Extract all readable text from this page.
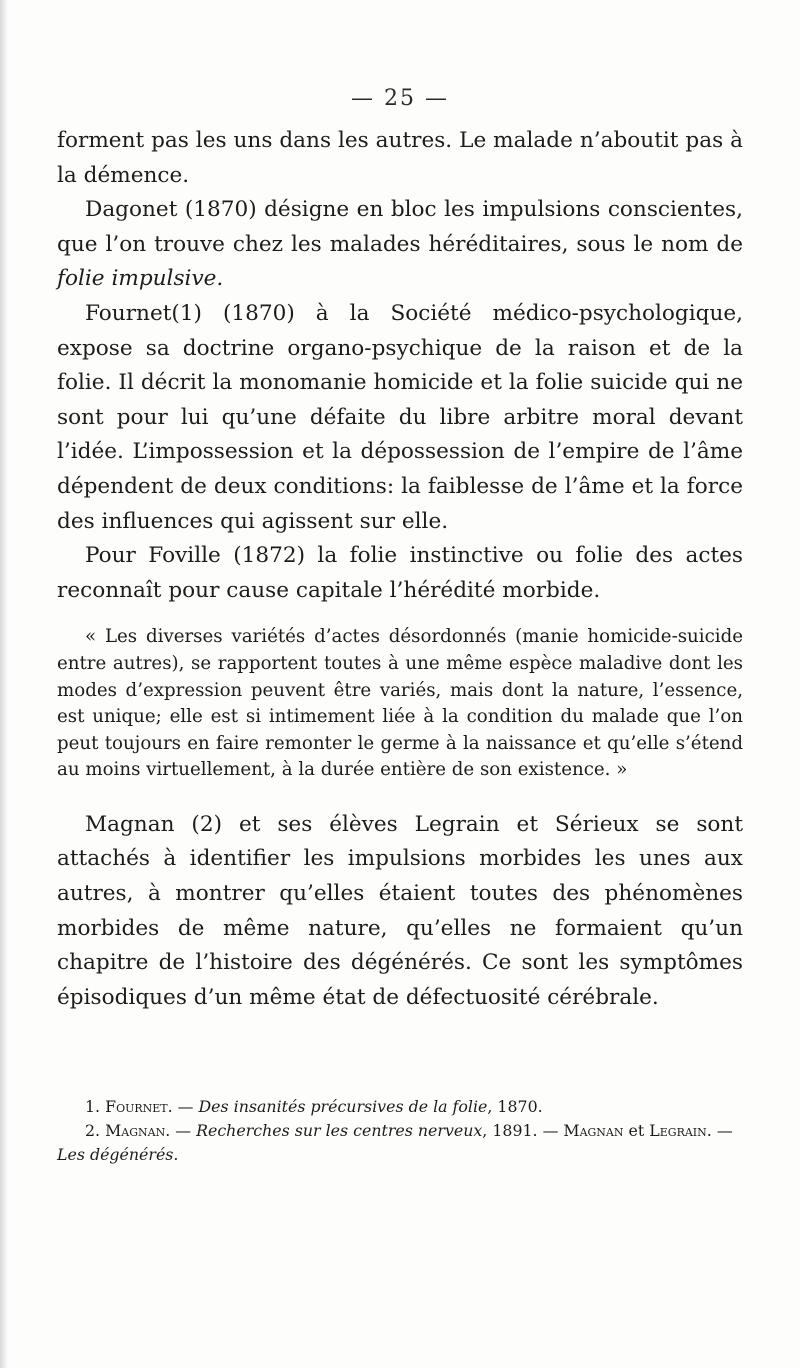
— 25 —

forment pas les uns dans les autres. Le malade n’aboutit pas à la démence.

Dagonet (1870) désigne en bloc les impulsions conscientes, que l’on trouve chez les malades héréditaires, sous le nom de folie impulsive.

Fournet(1) (1870) à la Société médico-psychologique, expose sa doctrine organo-psychique de la raison et de la folie. Il décrit la monomanie homicide et la folie suicide qui ne sont pour lui qu’une défaite du libre arbitre moral devant l’idée. L’impossession et la dépossession de l’empire de l’âme dépendent de deux conditions: la faiblesse de l’âme et la force des influences qui agissent sur elle.

Pour Foville (1872) la folie instinctive ou folie des actes reconnaît pour cause capitale l’hérédité morbide.

« Les diverses variétés d’actes désordonnés (manie homicide-suicide entre autres), se rapportent toutes à une même espèce maladive dont les modes d’expression peuvent être variés, mais dont la nature, l’essence, est unique; elle est si intimement liée à la condition du malade que l’on peut toujours en faire remonter le germe à la naissance et qu’elle s’étend au moins virtuellement, à la durée entière de son existence. »

Magnan (2) et ses élèves Legrain et Sérieux se sont attachés à identifier les impulsions morbides les unes aux autres, à montrer qu’elles étaient toutes des phénomènes morbides de même nature, qu’elles ne formaient qu’un chapitre de l’histoire des dégénérés. Ce sont les symptômes épisodiques d’un même état de défectuosité cérébrale.

1. Fournet. — Des insanités précursives de la folie, 1870.

2. Magnan. — Recherches sur les centres nerveux, 1891. — Magnan et Legrain. — Les dégénérés.
